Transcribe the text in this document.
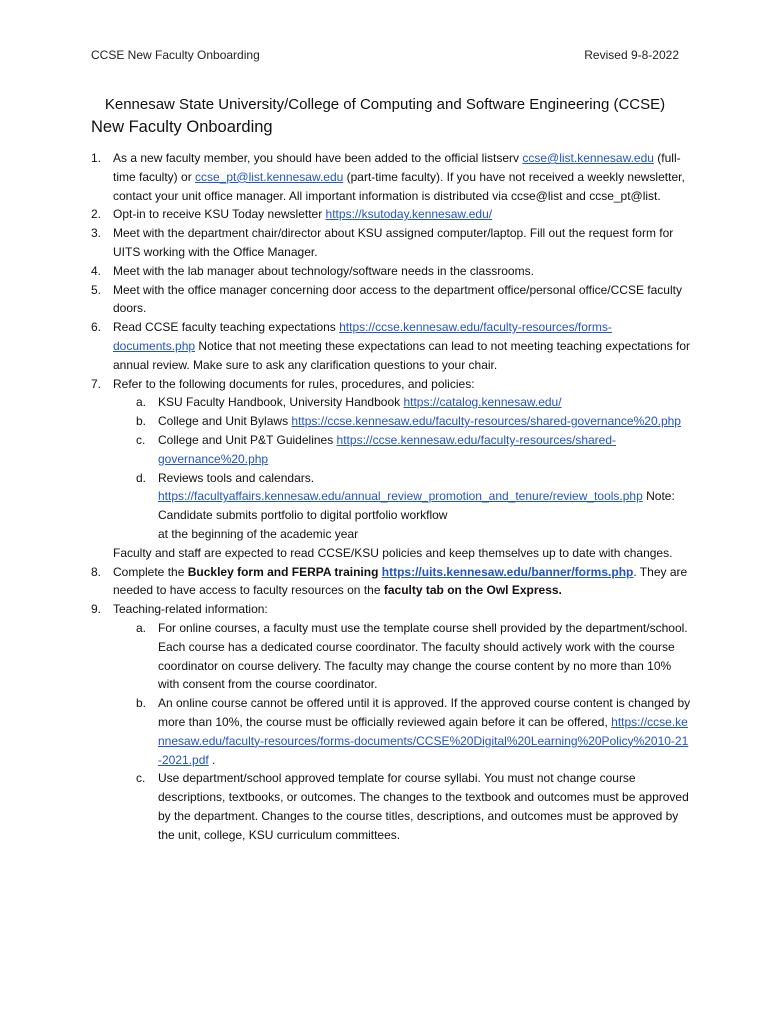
CCSE New Faculty Onboarding	Revised 9-8-2022
Kennesaw State University/College of Computing and Software Engineering (CCSE)
New Faculty Onboarding
1. As a new faculty member, you should have been added to the official listserv ccse@list.kennesaw.edu (full-time faculty) or ccse_pt@list.kennesaw.edu (part-time faculty). If you have not received a weekly newsletter, contact your unit office manager. All important information is distributed via ccse@list and ccse_pt@list.
2. Opt-in to receive KSU Today newsletter https://ksutoday.kennesaw.edu/
3. Meet with the department chair/director about KSU assigned computer/laptop. Fill out the request form for UITS working with the Office Manager.
4. Meet with the lab manager about technology/software needs in the classrooms.
5. Meet with the office manager concerning door access to the department office/personal office/CCSE faculty doors.
6. Read CCSE faculty teaching expectations https://ccse.kennesaw.edu/faculty-resources/forms-documents.php Notice that not meeting these expectations can lead to not meeting teaching expectations for annual review. Make sure to ask any clarification questions to your chair.
7. Refer to the following documents for rules, procedures, and policies:
a. KSU Faculty Handbook, University Handbook https://catalog.kennesaw.edu/
b. College and Unit Bylaws https://ccse.kennesaw.edu/faculty-resources/shared-governance%20.php
c. College and Unit P&T Guidelines https://ccse.kennesaw.edu/faculty-resources/shared-governance%20.php
d. Reviews tools and calendars.
https://facultyaffairs.kennesaw.edu/annual_review_promotion_and_tenure/review_tools.php Note: Candidate submits portfolio to digital portfolio workflow
at the beginning of the academic year
Faculty and staff are expected to read CCSE/KSU policies and keep themselves up to date with changes.
8. Complete the Buckley form and FERPA training https://uits.kennesaw.edu/banner/forms.php. They are needed to have access to faculty resources on the faculty tab on the Owl Express.
9. Teaching-related information:
a. For online courses, a faculty must use the template course shell provided by the department/school. Each course has a dedicated course coordinator. The faculty should actively work with the course coordinator on course delivery. The faculty may change the course content by no more than 10% with consent from the course coordinator.
b. An online course cannot be offered until it is approved. If the approved course content is changed by more than 10%, the course must be officially reviewed again before it can be offered, https://ccse.kennesaw.edu/faculty-resources/forms-documents/CCSE%20Digital%20Learning%20Policy%2010-21-2021.pdf .
c. Use department/school approved template for course syllabi. You must not change course descriptions, textbooks, or outcomes. The changes to the textbook and outcomes must be approved by the department. Changes to the course titles, descriptions, and outcomes must be approved by the unit, college, KSU curriculum committees.
